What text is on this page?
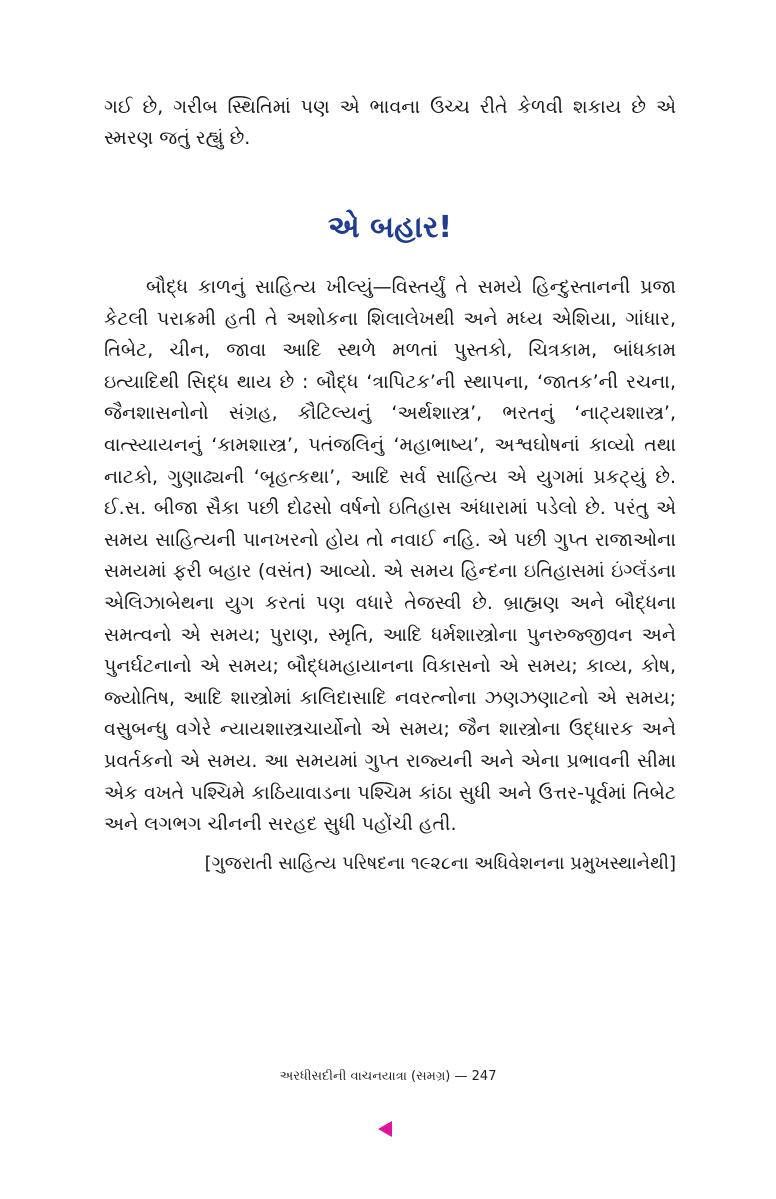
ગઈ છે, ગરીબ સ્થિતિમાં પણ એ ભાવના ઉચ્ચ રીતે કેળવી શકાય છે એ સ્મરણ જતું રહ્યું છે.

એ બહાર!

બૌદ્ધ કાળનું સાહિત્ય ખીલ્યું—વિસ્તર્યું તે સમયે હિન્દુસ્તાનની પ્રજા કેટલી પરાક્રમી હતી તે અશોકના શિલાલેખથી અને મધ્ય એશિયા, ગાંધાર, તિબેટ, ચીન, જાવા આદિ સ્થળે મળતાં પુસ્તકો, ચિત્રકામ, બાંધકામ ઇત્યાદિથી સિદ્ધ થાય છે : બૌદ્ધ ‘ત્રાપિટક’ની સ્થાપના, ‘જાતક’ની રચના, જૈનશાસનોનો સંગ્રહ, કૌટિલ્યનું ‘અર્થશાસ્ત્ર’, ભરતનું ‘નાટ્યશાસ્ત્ર’, વાત્સ્યાયનનું ‘કામશાસ્ત્ર’, પતંજલિનું ‘મહાભાષ્ય’, અશ્વઘોષનાં કાવ્યો તથા નાટકો, ગુણાઢ્યની ‘બૃહત્કથા’, આદિ સર્વ સાહિત્ય એ યુગમાં પ્રકટ્યું છે. ઈ.સ. બીજા સૈકા પછી દોઢસો વર્ષનો ઇતિહાસ અંધારામાં પડેલો છે. પરંતુ એ સમય સાહિત્યની પાનખરનો હોય તો નવાઈ નહિ. એ પછી ગુપ્ત રાજાઓના સમયમાં ફરી બહાર (વસંત) આવ્યો. એ સમય હિન્દના ઇતિહાસમાં ઇંગ્લૅંડના એલિઝાબેથના યુગ કરતાં પણ વધારે તેજસ્વી છે. બ્રાહ્મણ અને બૌદ્ધના સમત્વનો એ સમય; પુરાણ, સ્મૃતિ, આદિ ધર્મશાસ્ત્રોના પુનરુજ્જીવન અને પુનર્ઘટનાનો એ સમય; બૌદ્ધમહાયાનના વિકાસનો એ સમય; કાવ્ય, કોષ, જ્યોતિષ, આદિ શાસ્ત્રોમાં કાલિદાસાદિ નવરત્નોના ઝણઝણાટનો એ સમય; વસુબન્ધુ વગેરે ન્યાયશાસ્ત્રચાર્યોનો એ સમય; જૈન શાસ્ત્રોના ઉદ્ધારક અને પ્રવર્તકનો એ સમય. આ સમયમાં ગુપ્ત રાજ્યની અને એના પ્રભાવની સીમા એક વખતે પશ્ચિમે કાઠિયાવાડના પશ્ચિમ કાંઠા સુધી અને ઉત્તર-પૂર્વમાં તિબેટ અને લગભગ ચીનની સરહદ સુધી પહોંચી હતી.

[ગુજરાતી સાહિત્ય પરિષદના ૧૯૨૮ના અધિવેશનના પ્રમુખસ્થાનેથી]

અરધીસદીની વાચનયાત્રા (સમગ્ર) — 247
